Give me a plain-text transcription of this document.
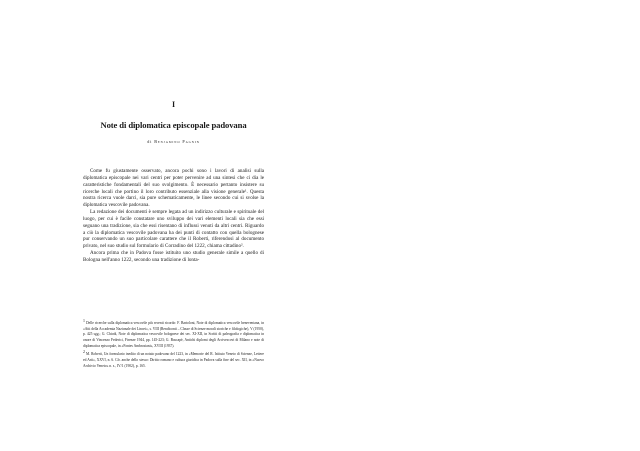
I
Note di diplomatica episcopale padovana
di Benjamino Pagnin

Come fu giustamente osservato, ancora pochi sono i lavori di analisi sulla diplomatica episcopale nei vari centri per poter pervenire ad una sintesi che ci dia le caratteristiche fondamentali del suo svolgimento. È necessario pertanto insistere su ricerche locali che portino il loro contributo essenziale alla visione generale¹. Questa nostra ricerca vuole darci, sia pure schematicamente, le linee secondo cui si svolse la diplomatica vescovile padovana.

La redazione dei documenti è sempre legata ad un indirizzo culturale e spirituale del luogo, per cui è facile constatare uno sviluppo dei vari elementi locali sia che essi seguano una tradizione, sia che essi risentano di influssi venuti da altri centri. Riguardo a ciò la diplomatica vescovile padovana ha dei punti di contatto con quella bolognese pur conservando un suo particolare carattere che il Roberti, riferendosi al documento privato, nel suo studio sul formulario di Corradino del 1222, chiama cittadino².

Ancora prima che in Padova fosse istituito uno studio generale simile a quello di Bologna nell'anno 1222, secondo una tradizione di lonta-

$^1$ Delle ricerche sulla diplomatica vescovile più recenti ricordo: F. Bartoloni, Note di diplomatica vescovile beneventana, in «Atti della Accademia Nazionale dei Lincei», s. VIII (Rendiconti – Classe di Scienze morali storiche e filologiche), V (1950), p. 425 sgg.; G. Chiodi, Note di diplomatica vescovile bolognese dei sec. XI-XII, in Scritti di paleografia e diplomatica in onore di Vincenzo Federici, Firenze 1944, pp. 145-223; G. Bascapè, Antichi diplomi degli Arcivescovi di Milano e note di diplomatica episcopale, in «Fontes Ambrosiani», XVIII (1937).

$^2$ M. Roberti, Un formulario inedito di un notaio padovano del 1223, in «Memorie del R. Istituto Veneto di Scienze, Lettere ed Arti», XXVI, n. 6. Cfr. anche dello stesso: Diritto romano e cultura giuridica in Padova sulla fine del sec. XII, in «Nuovo Archivio Veneto» n. s., IV/1 (1902), p. 165.
